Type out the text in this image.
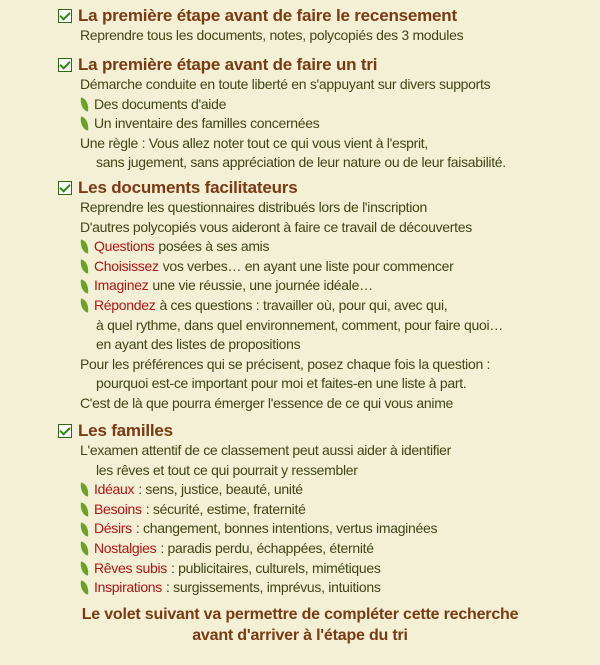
La première étape avant de faire le recensement
Reprendre tous les documents, notes, polycopiés des 3 modules
La première étape avant de faire un tri
Démarche conduite en toute liberté en s'appuyant sur divers supports
Des documents d'aide
Un inventaire des familles concernées
Une règle : Vous allez noter tout ce qui vous vient à l'esprit,
sans jugement, sans appréciation de leur nature ou de leur faisabilité.
Les documents facilitateurs
Reprendre les questionnaires distribués lors de l'inscription
D'autres polycopiés vous aideront à faire ce travail de découvertes
Questions posées à ses amis
Choisissez vos verbes… en ayant une liste pour commencer
Imaginez une vie réussie, une journée idéale…
Répondez à ces questions : travailler où, pour qui, avec qui,
à quel rythme, dans quel environnement, comment, pour faire quoi…
en ayant des listes de propositions
Pour les préférences qui se précisent, posez chaque fois la question :
pourquoi est-ce important pour moi et faites-en une liste à part.
C'est de là que pourra émerger l'essence de ce qui vous anime
Les familles
L'examen attentif de ce classement peut aussi aider à identifier
les rêves et tout ce qui pourrait y ressembler
Idéaux : sens, justice, beauté, unité
Besoins : sécurité, estime, fraternité
Désirs : changement, bonnes intentions, vertus imaginées
Nostalgies : paradis perdu, échappées, éternité
Rêves subis : publicitaires, culturels, mimétiques
Inspirations : surgissements, imprévus, intuitions
Le volet suivant va permettre de compléter cette recherche
avant d'arriver à l'étape du tri
